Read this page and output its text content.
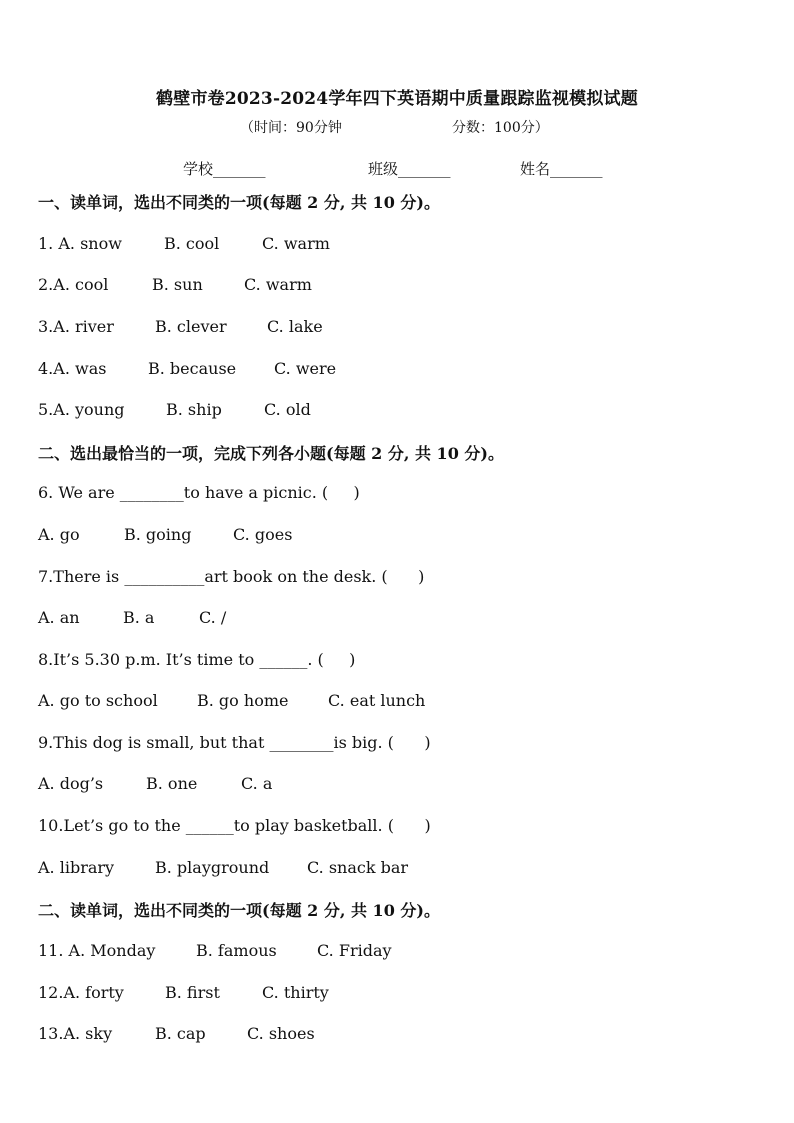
鹤壁市卷2023-2024学年四下英语期中质量跟踪监视模拟试题
（时间：90分钟	分数：100分）
学校_______	班级_______	姓名_______
一、读单词，选出不同类的一项(每题 2 分, 共 10 分)。
1. A. snow	B. cool	C. warm
2.A. cool	B. sun	C. warm
3.A. river	B. clever	C. lake
4.A. was	B. because C. were
5.A. young	B. ship	C. old
二、选出最恰当的一项，完成下列各小题(每题 2 分, 共 10 分)。
6. We are ________to have a picnic. (     )
A. go	B. going	C. goes
7.There is __________art book on the desk. (      )
A. an	B. a	C. /
8.It’s 5.30 p.m. It’s time to ______. (     )
A. go to school B. go home C. eat lunch
9.This dog is small, but that ________is big. (      )
A. dog’s	B. one	C. a
10.Let’s go to the ______to play basketball. (      )
A. library	B. playground C. snack bar
二、读单词，选出不同类的一项(每题 2 分, 共 10 分)。
11. A. Monday	B. famous	C. Friday
12.A. forty	B. first	C. thirty
13.A. sky	B. cap	C. shoes
